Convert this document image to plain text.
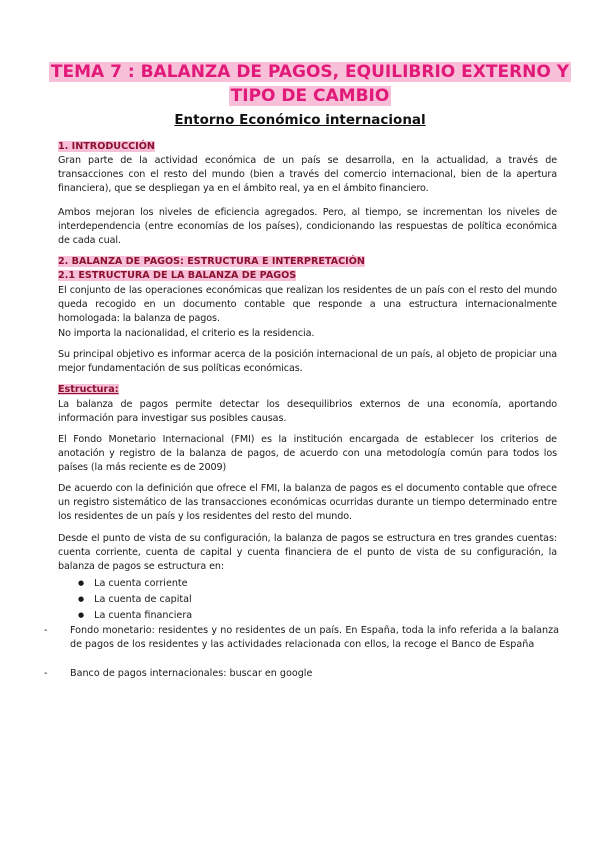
TEMA 7 : BALANZA DE PAGOS, EQUILIBRIO EXTERNO Y
TIPO DE CAMBIO
Entorno Económico internacional
1. INTRODUCCIÓN
Gran parte de la actividad económica de un país se desarrolla, en la actualidad, a través de transacciones con el resto del mundo (bien a través del comercio internacional, bien de la apertura financiera), que se despliegan ya en el ámbito real, ya en el ámbito financiero.
Ambos mejoran los niveles de eficiencia agregados. Pero, al tiempo, se incrementan los niveles de interdependencia (entre economías de los países), condicionando las respuestas de política económica de cada cual.
2. BALANZA DE PAGOS: ESTRUCTURA E INTERPRETACIÓN
2.1 ESTRUCTURA DE LA BALANZA DE PAGOS
El conjunto de las operaciones económicas que realizan los residentes de un país con el resto del mundo queda recogido en un documento contable que responde a una estructura internacionalmente homologada: la balanza de pagos.
No importa la nacionalidad, el criterio es la residencia.
Su principal objetivo es informar acerca de la posición internacional de un país, al objeto de propiciar una mejor fundamentación de sus políticas económicas.
Estructura:
La balanza de pagos permite detectar los desequilibrios externos de una economía, aportando información para investigar sus posibles causas.
El Fondo Monetario Internacional (FMI) es la institución encargada de establecer los criterios de anotación y registro de la balanza de pagos, de acuerdo con una metodología común para todos los países (la más reciente es de 2009)
De acuerdo con la definición que ofrece el FMI, la balanza de pagos es el documento contable que ofrece un registro sistemático de las transacciones económicas ocurridas durante un tiempo determinado entre los residentes de un país y los residentes del resto del mundo.
Desde el punto de vista de su configuración, la balanza de pagos se estructura en tres grandes cuentas: cuenta corriente, cuenta de capital y cuenta financiera de el punto de vista de su configuración, la balanza de pagos se estructura en:
● La cuenta corriente
● La cuenta de capital
● La cuenta financiera
- Fondo monetario: residentes y no residentes de un país. En España, toda la info referida a la balanza de pagos de los residentes y las actividades relacionada con ellos, la recoge el Banco de España
- Banco de pagos internacionales: buscar en google
